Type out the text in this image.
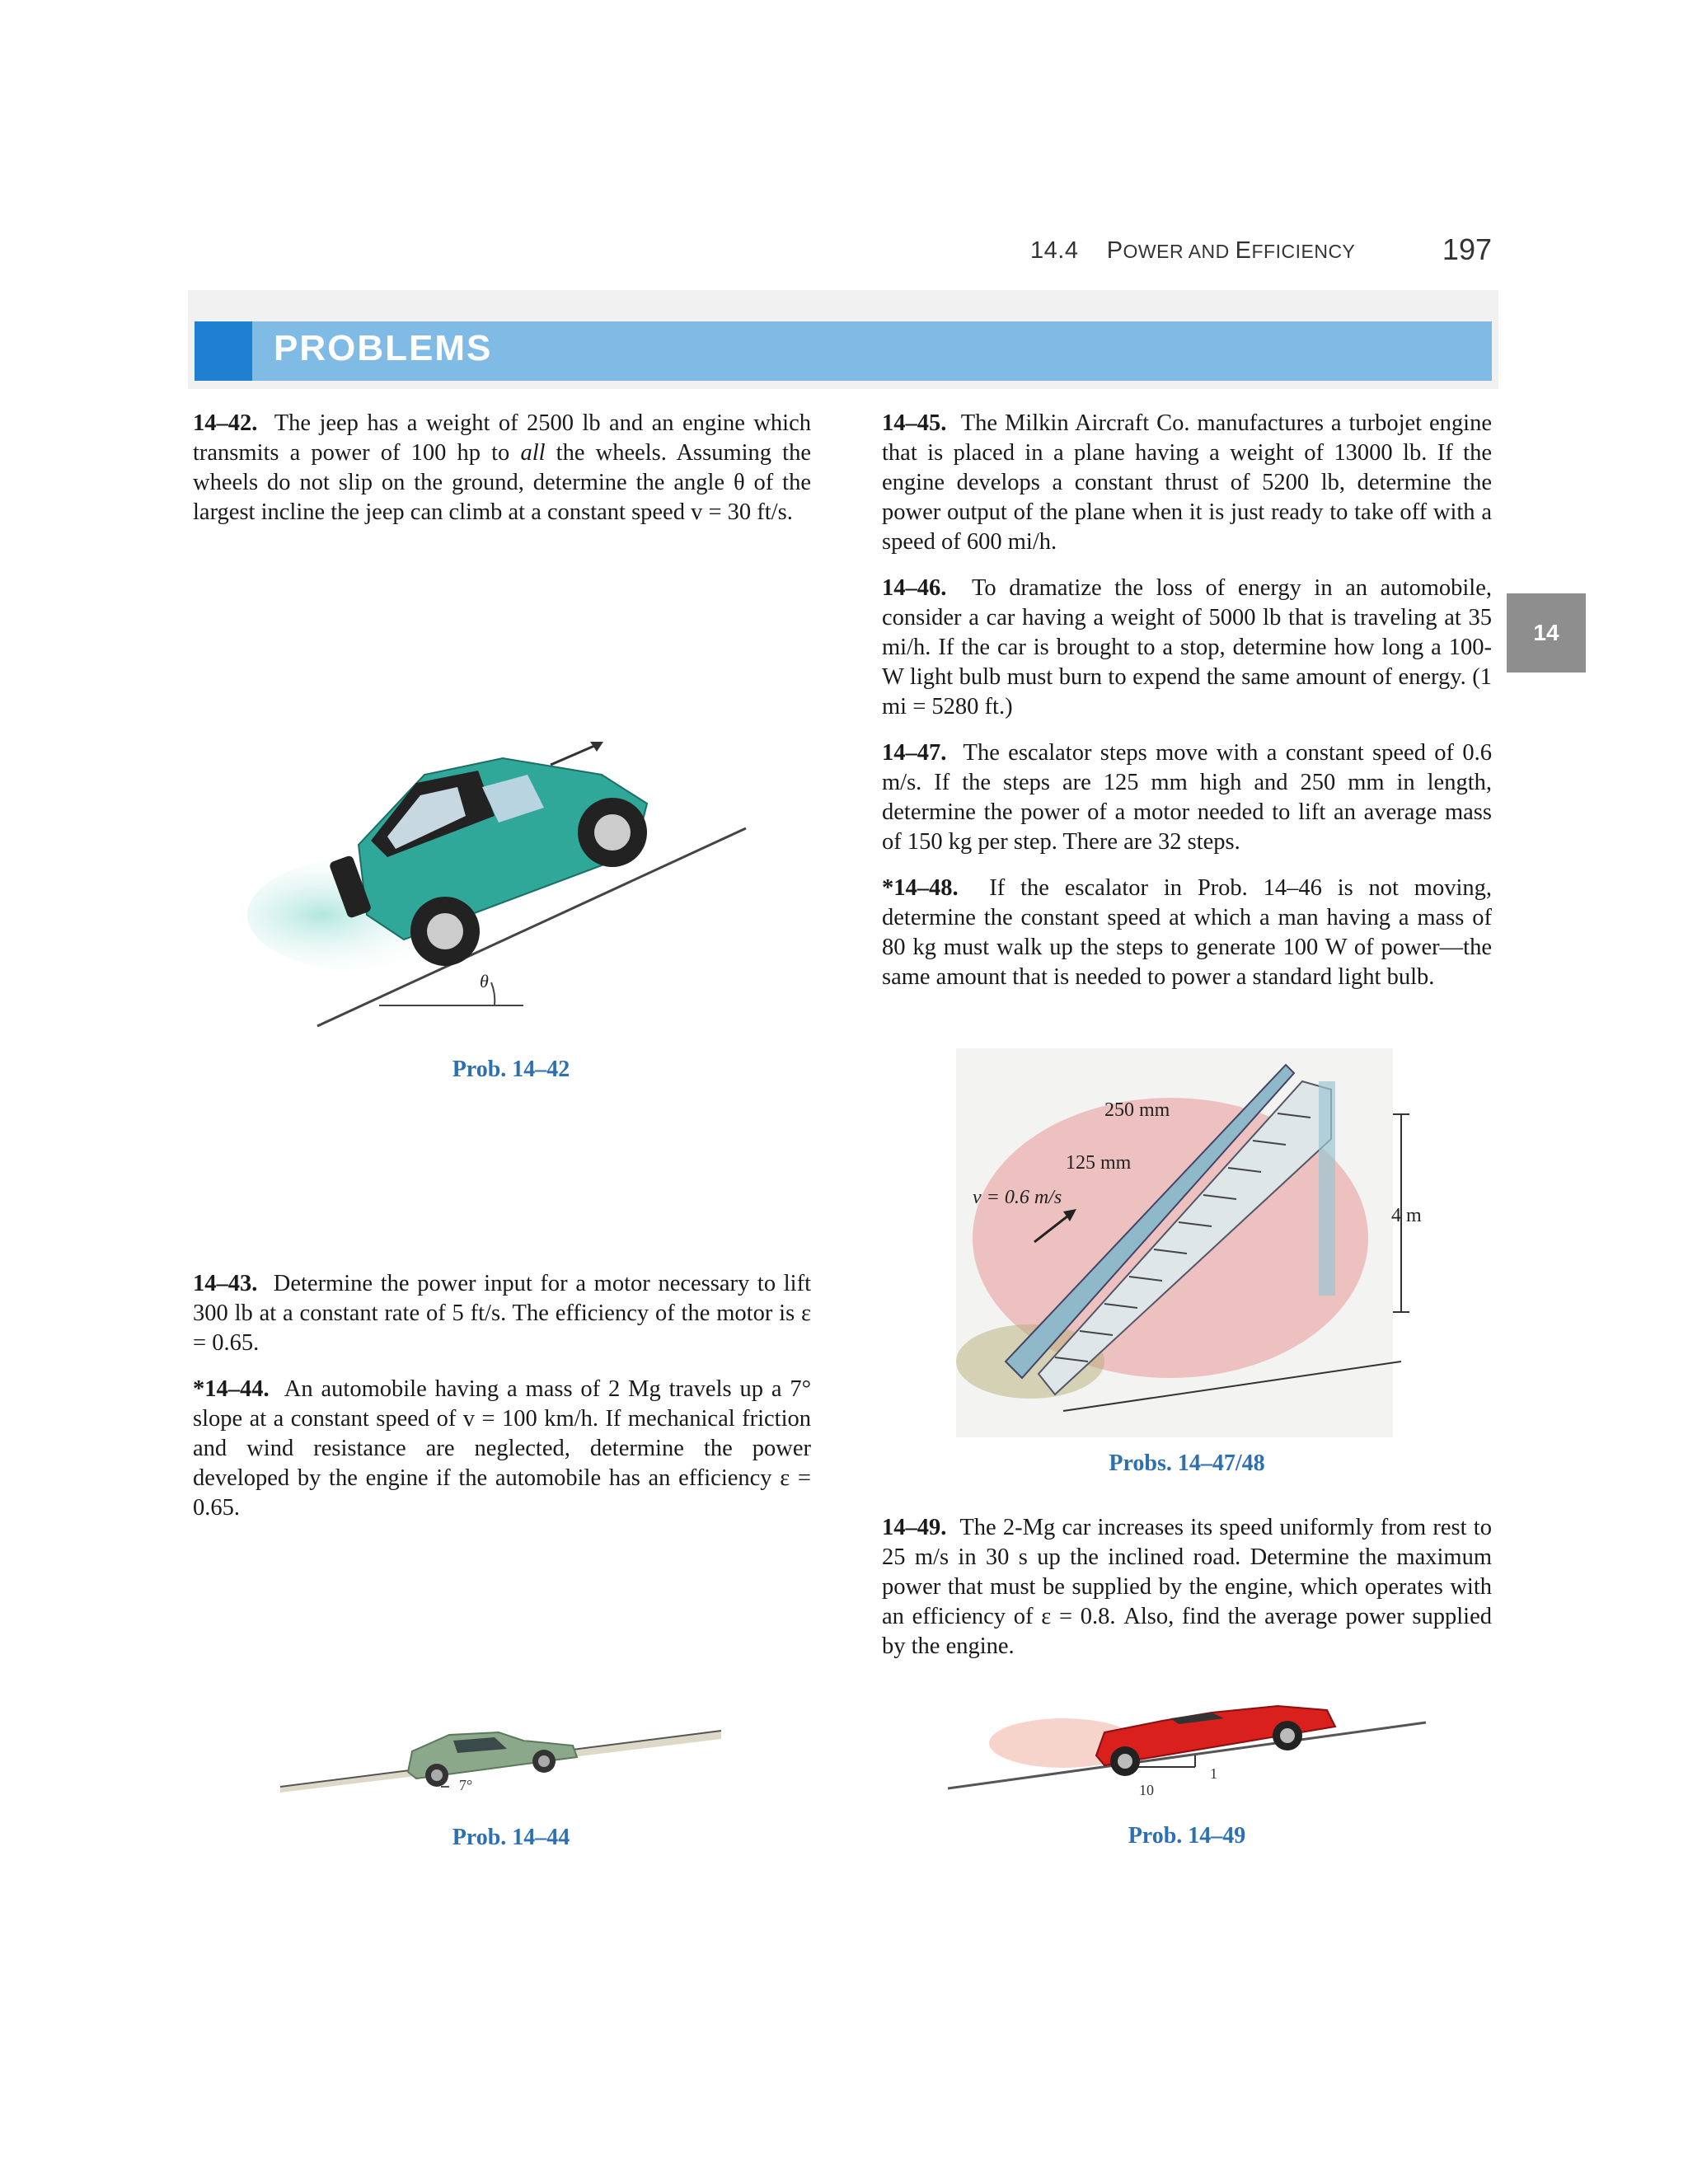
14.4 POWER AND EFFICIENCY	197
PROBLEMS
14
14–42. The jeep has a weight of 2500 lb and an engine which transmits a power of 100 hp to all the wheels. Assuming the wheels do not slip on the ground, determine the angle θ of the largest incline the jeep can climb at a constant speed v = 30 ft/s.
14–43. Determine the power input for a motor necessary to lift 300 lb at a constant rate of 5 ft/s. The efficiency of the motor is ε = 0.65.
*14–44. An automobile having a mass of 2 Mg travels up a 7° slope at a constant speed of v = 100 km/h. If mechanical friction and wind resistance are neglected, determine the power developed by the engine if the automobile has an efficiency ε = 0.65.
14–45. The Milkin Aircraft Co. manufactures a turbojet engine that is placed in a plane having a weight of 13000 lb. If the engine develops a constant thrust of 5200 lb, determine the power output of the plane when it is just ready to take off with a speed of 600 mi/h.
14–46. To dramatize the loss of energy in an automobile, consider a car having a weight of 5000 lb that is traveling at 35 mi/h. If the car is brought to a stop, determine how long a 100-W light bulb must burn to expend the same amount of energy. (1 mi = 5280 ft.)
14–47. The escalator steps move with a constant speed of 0.6 m/s. If the steps are 125 mm high and 250 mm in length, determine the power of a motor needed to lift an average mass of 150 kg per step. There are 32 steps.
*14–48. If the escalator in Prob. 14–46 is not moving, determine the constant speed at which a man having a mass of 80 kg must walk up the steps to generate 100 W of power—the same amount that is needed to power a standard light bulb.
14–49. The 2-Mg car increases its speed uniformly from rest to 25 m/s in 30 s up the inclined road. Determine the maximum power that must be supplied by the engine, which operates with an efficiency of ε = 0.8. Also, find the average power supplied by the engine.
θ
Prob. 14–42
7°
Prob. 14–44
4 m
250 mm
125 mm
v = 0.6 m/s
Probs. 14–47/48
10
1
Prob. 14–49
